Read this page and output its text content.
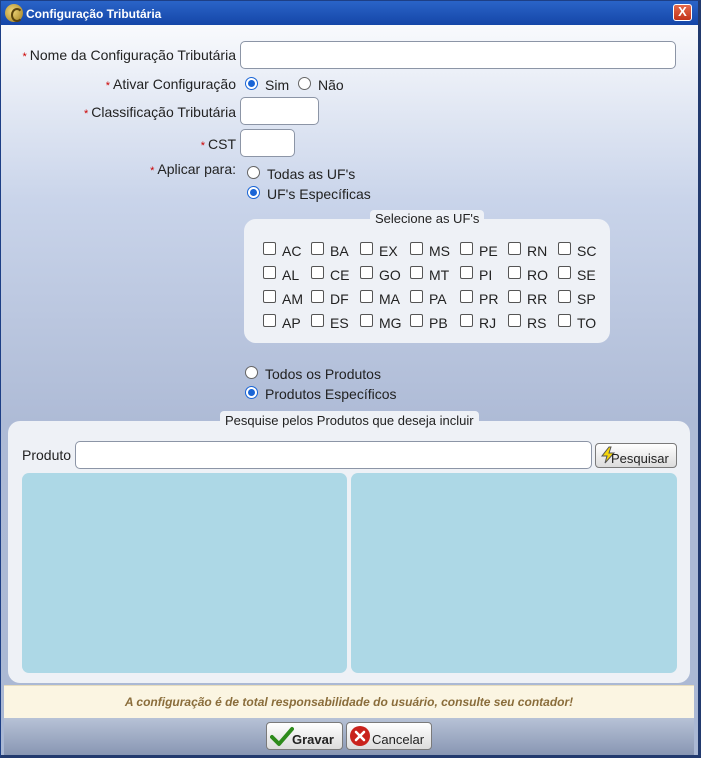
Configuração Tributária	X
* Nome da Configuração Tributária
* Ativar Configuração Sim Não
* Classificação Tributária
* CST
* Aplicar para: Todas as UF's
UF's Específicas
Selecione as UF's
Todos os Produtos
Produtos Específicos
Pesquise pelos Produtos que deseja incluir
Produto	Pesquisar
A configuração é de total responsabilidade do usuário, consulte seu contador!
Gravar	Cancelar
AC BA EX MS PE RN SC
AL CE GO MT PI RO SE
AM DF MA PA PR RR SP
AP ES MG PB RJ RS TO
